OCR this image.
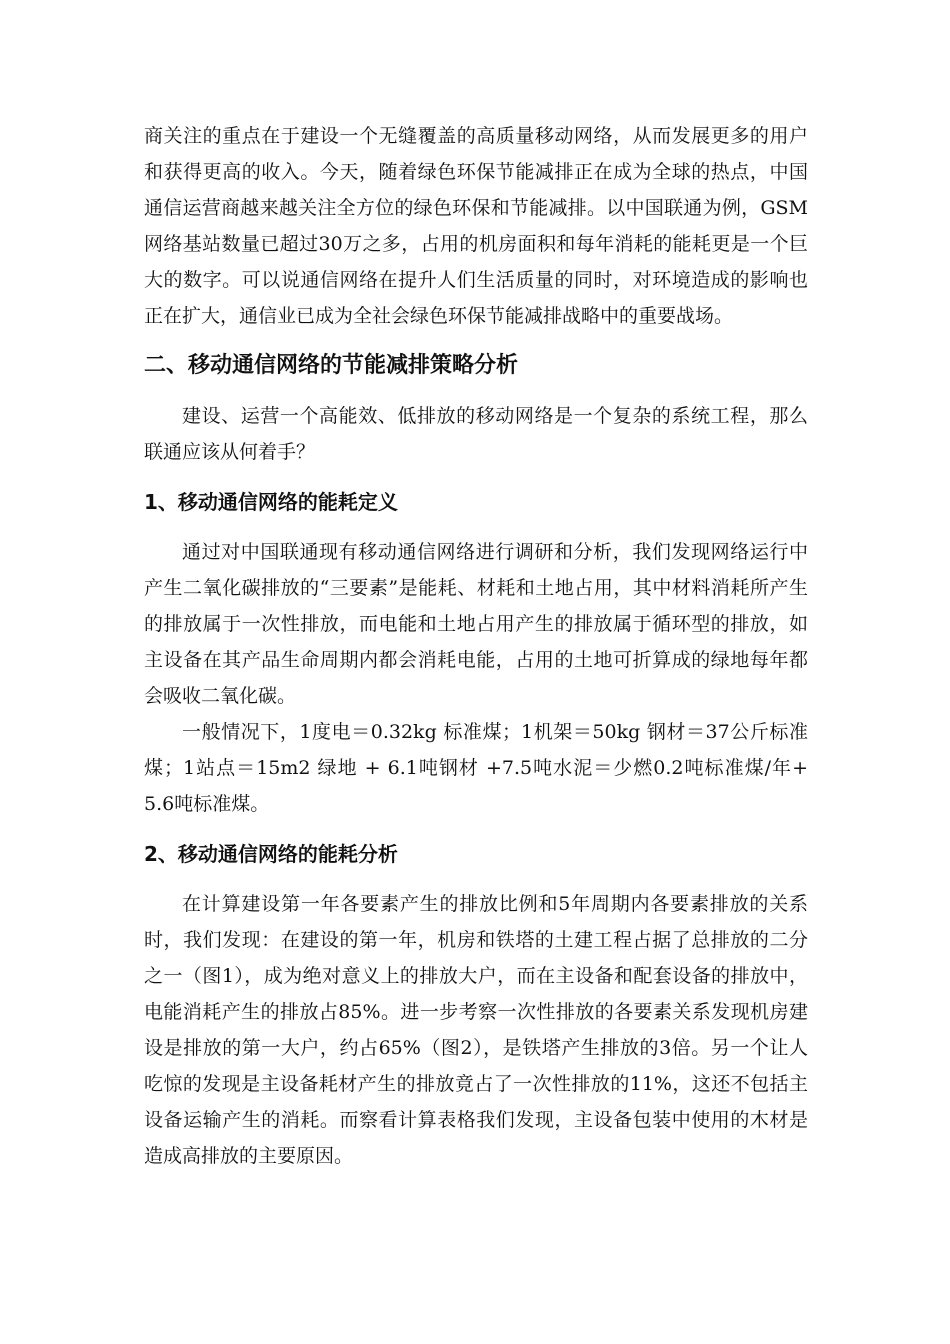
商关注的重点在于建设一个无缝覆盖的高质量移动网络，从而发展更多的用户和获得更高的收入。今天，随着绿色环保节能减排正在成为全球的热点，中国通信运营商越来越关注全方位的绿色环保和节能减排。以中国联通为例，GSM网络基站数量已超过30万之多，占用的机房面积和每年消耗的能耗更是一个巨大的数字。可以说通信网络在提升人们生活质量的同时，对环境造成的影响也正在扩大，通信业已成为全社会绿色环保节能减排战略中的重要战场。

二、移动通信网络的节能减排策略分析

建设、运营一个高能效、低排放的移动网络是一个复杂的系统工程，那么联通应该从何着手？

1、移动通信网络的能耗定义

通过对中国联通现有移动通信网络进行调研和分析，我们发现网络运行中产生二氧化碳排放的“三要素”是能耗、材耗和土地占用，其中材料消耗所产生的排放属于一次性排放，而电能和土地占用产生的排放属于循环型的排放，如主设备在其产品生命周期内都会消耗电能，占用的土地可折算成的绿地每年都会吸收二氧化碳。

一般情况下，1度电＝0.32kg 标准煤；1机架＝50kg 钢材＝37公斤标准煤；1站点＝15m2 绿地 + 6.1吨钢材 +7.5吨水泥＝少燃0.2吨标准煤/年+ 5.6吨标准煤。

2、移动通信网络的能耗分析

在计算建设第一年各要素产生的排放比例和5年周期内各要素排放的关系时，我们发现：在建设的第一年，机房和铁塔的土建工程占据了总排放的二分之一（图1），成为绝对意义上的排放大户，而在主设备和配套设备的排放中，电能消耗产生的排放占85%。进一步考察一次性排放的各要素关系发现机房建设是排放的第一大户，约占65%（图2），是铁塔产生排放的3倍。另一个让人吃惊的发现是主设备耗材产生的排放竟占了一次性排放的11%，这还不包括主设备运输产生的消耗。而察看计算表格我们发现，主设备包装中使用的木材是造成高排放的主要原因。
